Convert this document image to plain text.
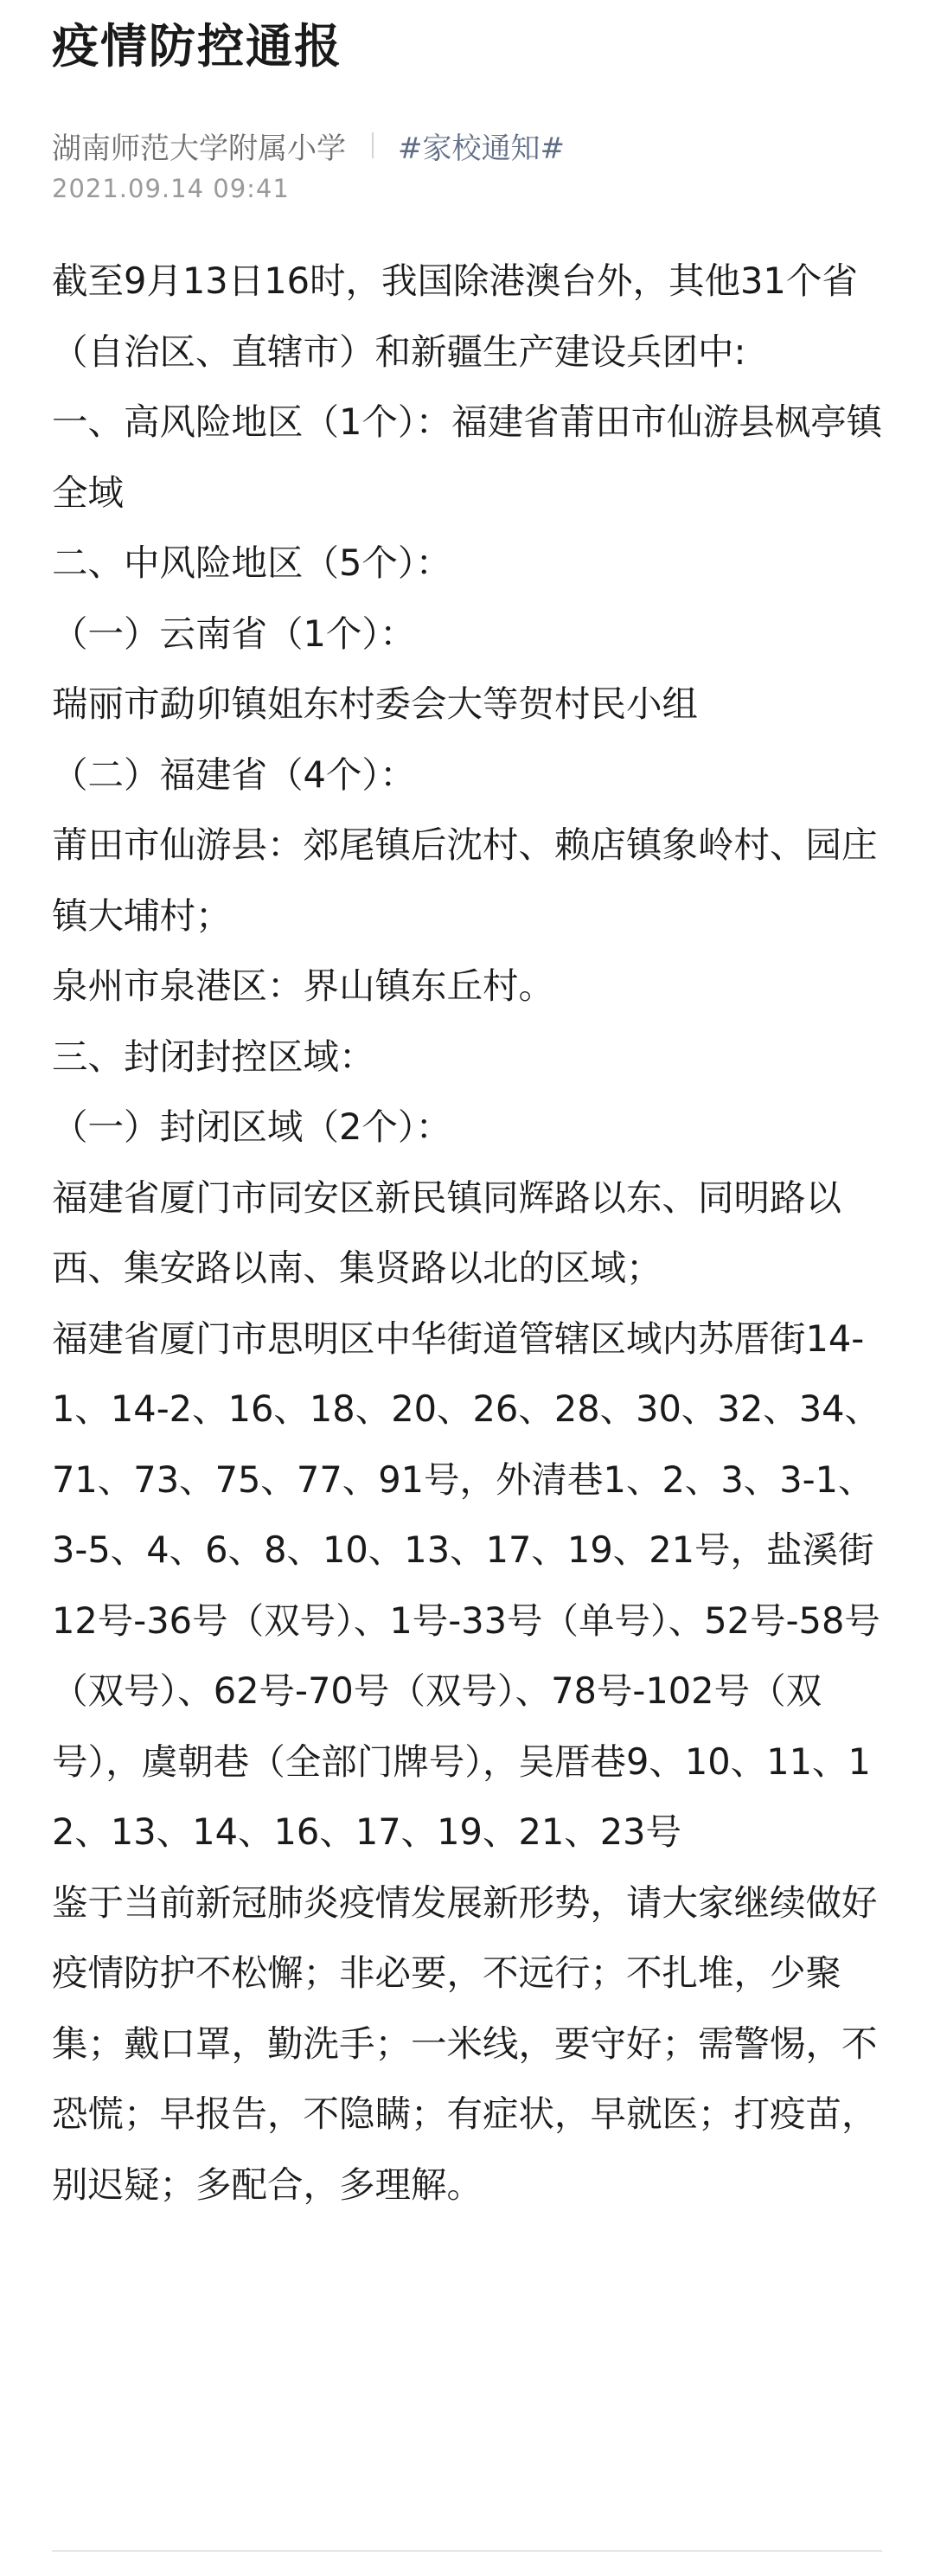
疫情防控通报
湖南师范大学附属小学 #家校通知#
2021.09.14 09:41

截至9月13日16时，我国除港澳台外，其他31个省（自治区、直辖市）和新疆生产建设兵团中:

一、高风险地区（1个）：福建省莆田市仙游县枫亭镇全域

二、中风险地区（5个）：

（一）云南省（1个）：

瑞丽市勐卯镇姐东村委会大等贺村民小组

（二）福建省（4个）：

莆田市仙游县：郊尾镇后沈村、赖店镇象岭村、园庄镇大埔村；

泉州市泉港区：界山镇东丘村。

三、封闭封控区域：

（一）封闭区域（2个）：

福建省厦门市同安区新民镇同辉路以东、同明路以西、集安路以南、集贤路以北的区域；

福建省厦门市思明区中华街道管辖区域内苏厝街14-1、14-2、16、18、20、26、28、30、32、34、71、73、75、77、91号，外清巷1、2、3、3-1、3-5、4、6、8、10、13、17、19、21号，盐溪街12号-36号（双号）、1号-33号（单号）、52号-58号（双号）、62号-70号（双号）、78号-102号（双号），虞朝巷（全部门牌号），吴厝巷9、10、11、12、13、14、16、17、19、21、23号

鉴于当前新冠肺炎疫情发展新形势，请大家继续做好疫情防护不松懈；非必要，不远行；不扎堆，少聚集；戴口罩，勤洗手；一米线，要守好；需警惕，不恐慌；早报告，不隐瞒；有症状，早就医；打疫苗，别迟疑；多配合，多理解。
